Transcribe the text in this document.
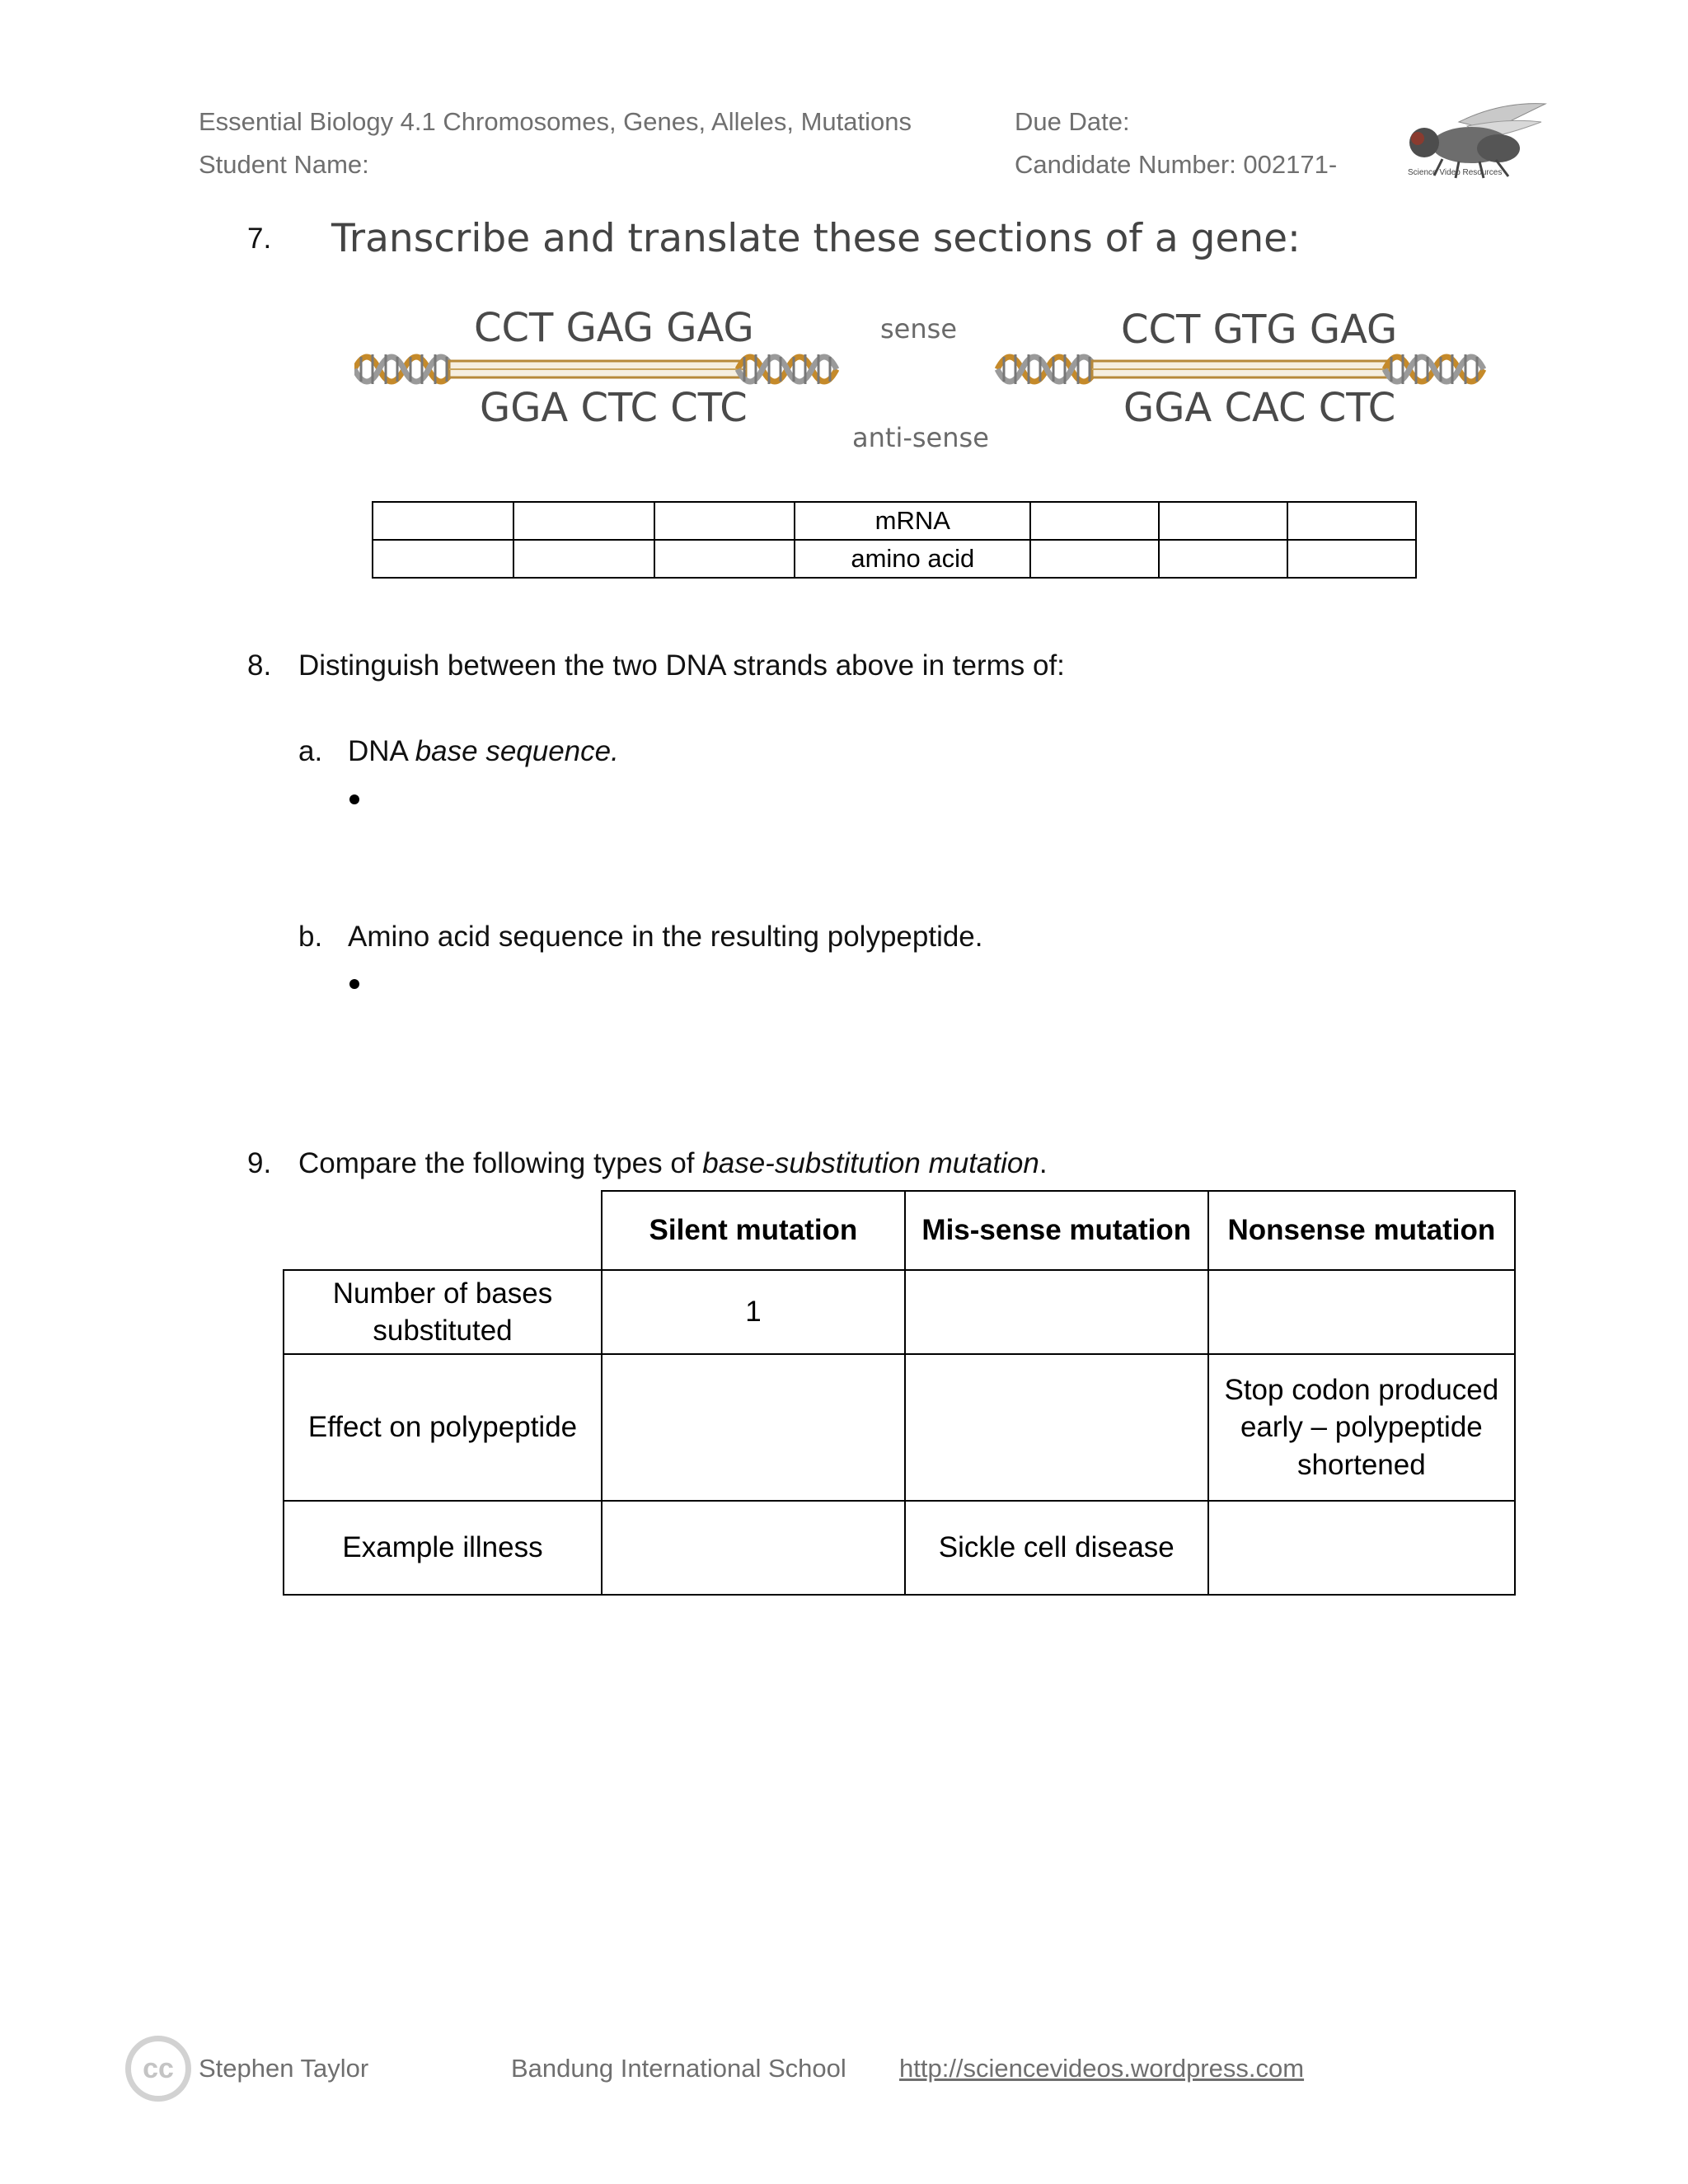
Essential Biology 4.1 Chromosomes, Genes, Alleles, Mutations
Student Name:
Due Date:
Candidate Number: 002171-	Science Video Resources
7. Transcribe and translate these sections of a gene:
CCT GAG GAG
GGA CTC CTC
CCT GTG GAG
GGA CAC CTC
sense
anti-sense
			mRNA			
			amino acid			
8. Distinguish between the two DNA strands above in terms of:
a. DNA base sequence.
b. Amino acid sequence in the resulting polypeptide.
9. Compare the following types of base-substitution mutation.
	Silent mutation	Mis-sense mutation	Nonsense mutation
Number of bases substituted	1		
Effect on polypeptide			Stop codon produced early – polypeptide shortened
Example illness		Sickle cell disease	
cc Stephen Taylor	Bandung International School http://sciencevideos.wordpress.com
